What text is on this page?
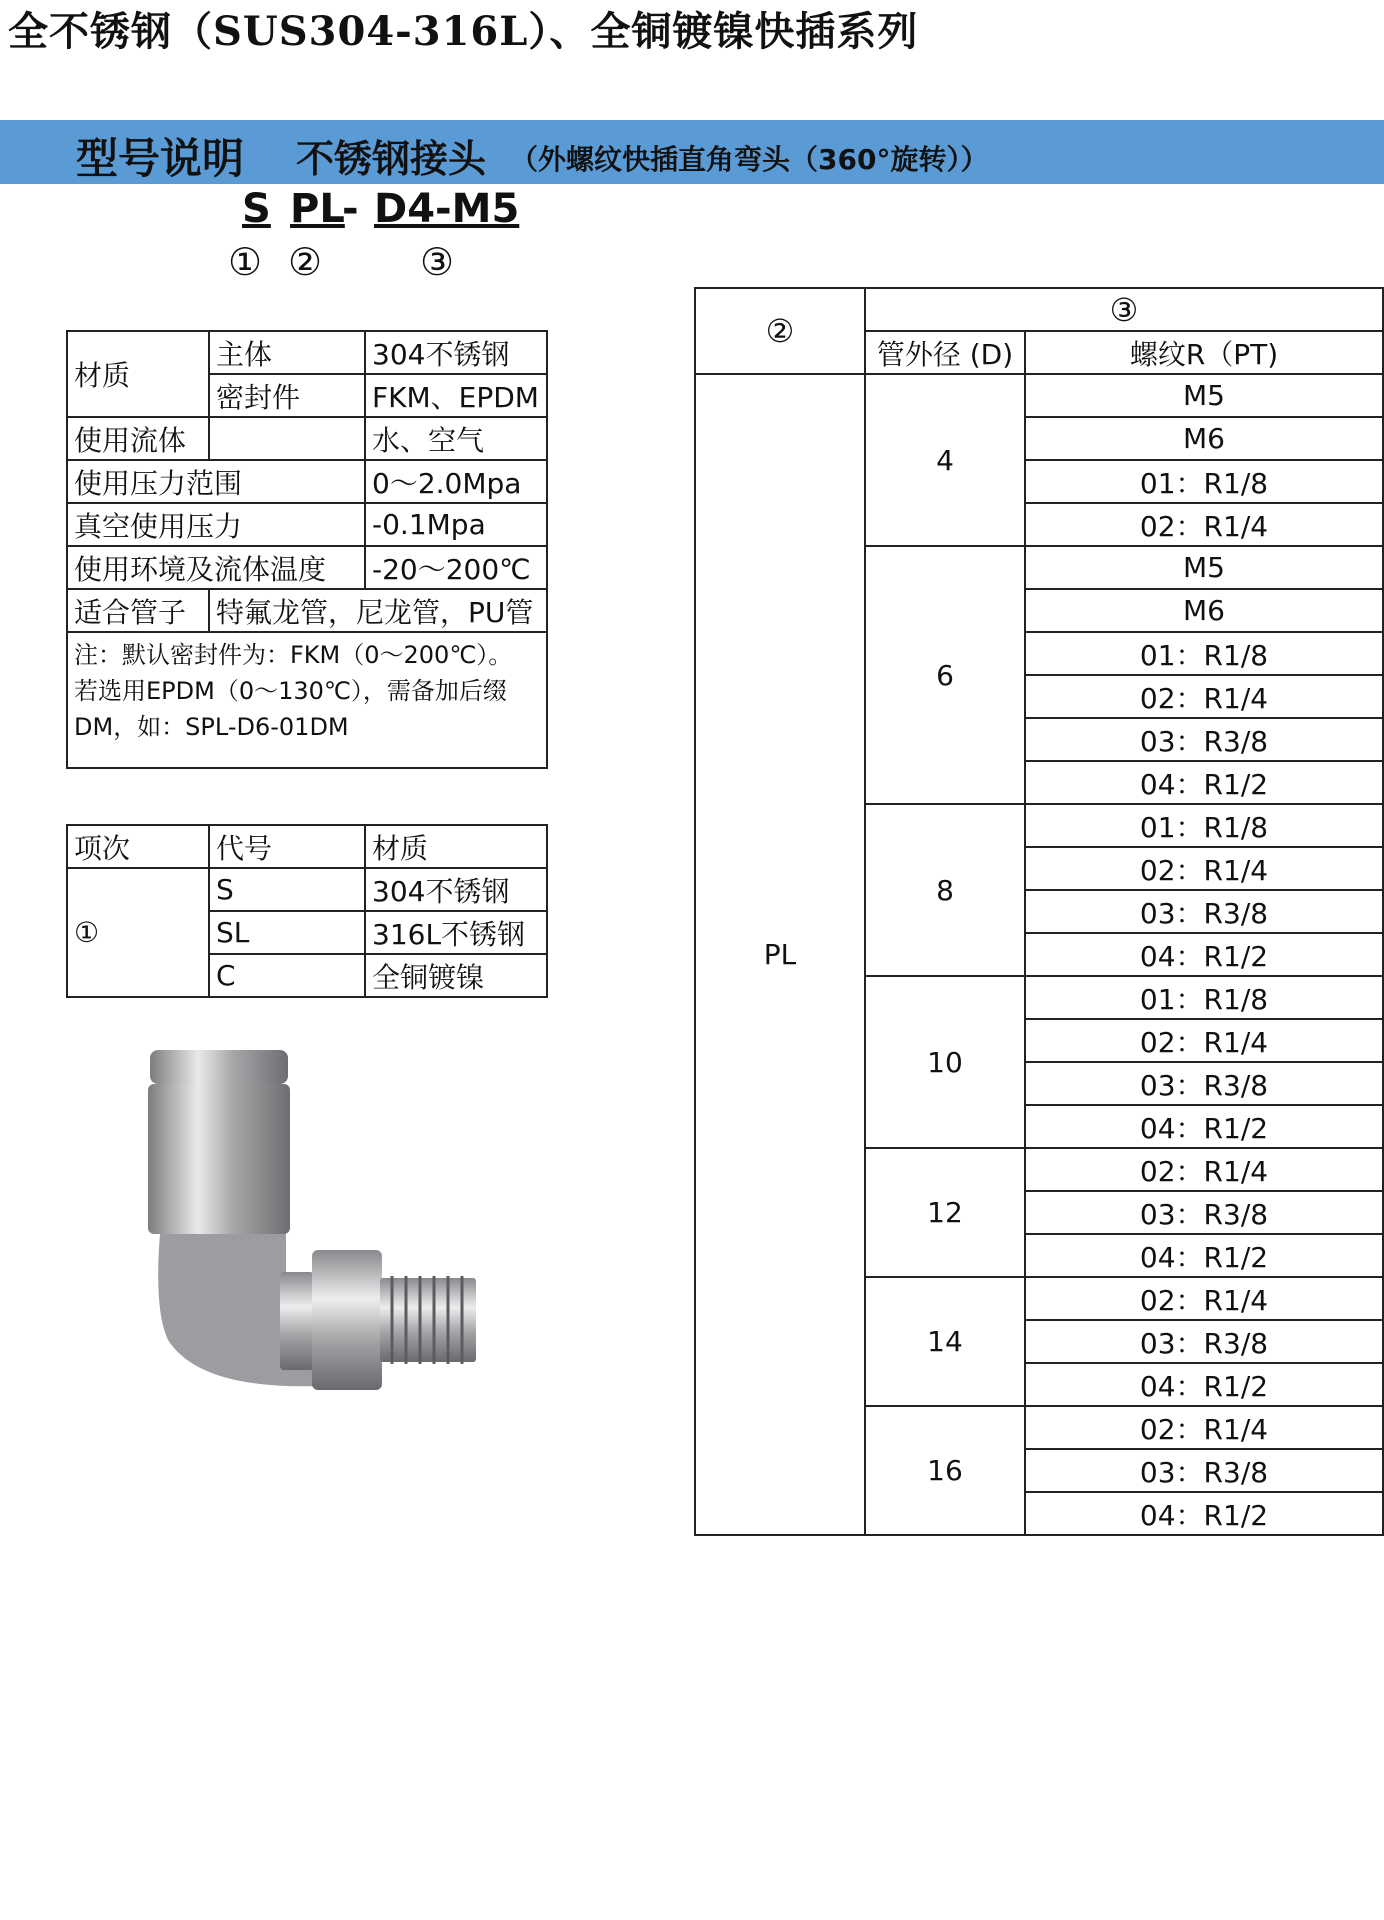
全不锈钢（SUS304-316L）、全铜镀镍快插系列
型号说明 不锈钢接头 （外螺纹快插直角弯头（360°旋转））
S PL
- D4-M5
① ②	③
材质	主体	304不锈钢
	密封件	FKM、EPDM
使用流体		水、空气
使用压力范围		0～2.0Mpa
真空使用压力		-0.1Mpa
使用环境及流体温度		-20～200℃
适合管子	特氟龙管，尼龙管，PU管	

注：默认密封件为：FKM（0～200℃）。
若选用EPDM（0～130℃），需备加后缀
DM，如：SPL-D6-01DM		
项次	代号	材质
①	S	304不锈钢
	SL	316L不锈钢
	C	全铜镀镍
②	③	
	管外径 (D)	螺纹R（PT)
PL	4	M5
		M6
		01：R1/8
		02：R1/4
	6	M5
		M6
		01：R1/8
		02：R1/4
		03：R3/8
		04：R1/2
	8	01：R1/8
		02：R1/4
		03：R3/8
		04：R1/2
	10	01：R1/8
		02：R1/4
		03：R3/8
		04：R1/2
	12	02：R1/4
		03：R3/8
		04：R1/2
	14	02：R1/4
		03：R3/8
		04：R1/2
	16	02：R1/4
		03：R3/8
		04：R1/2
